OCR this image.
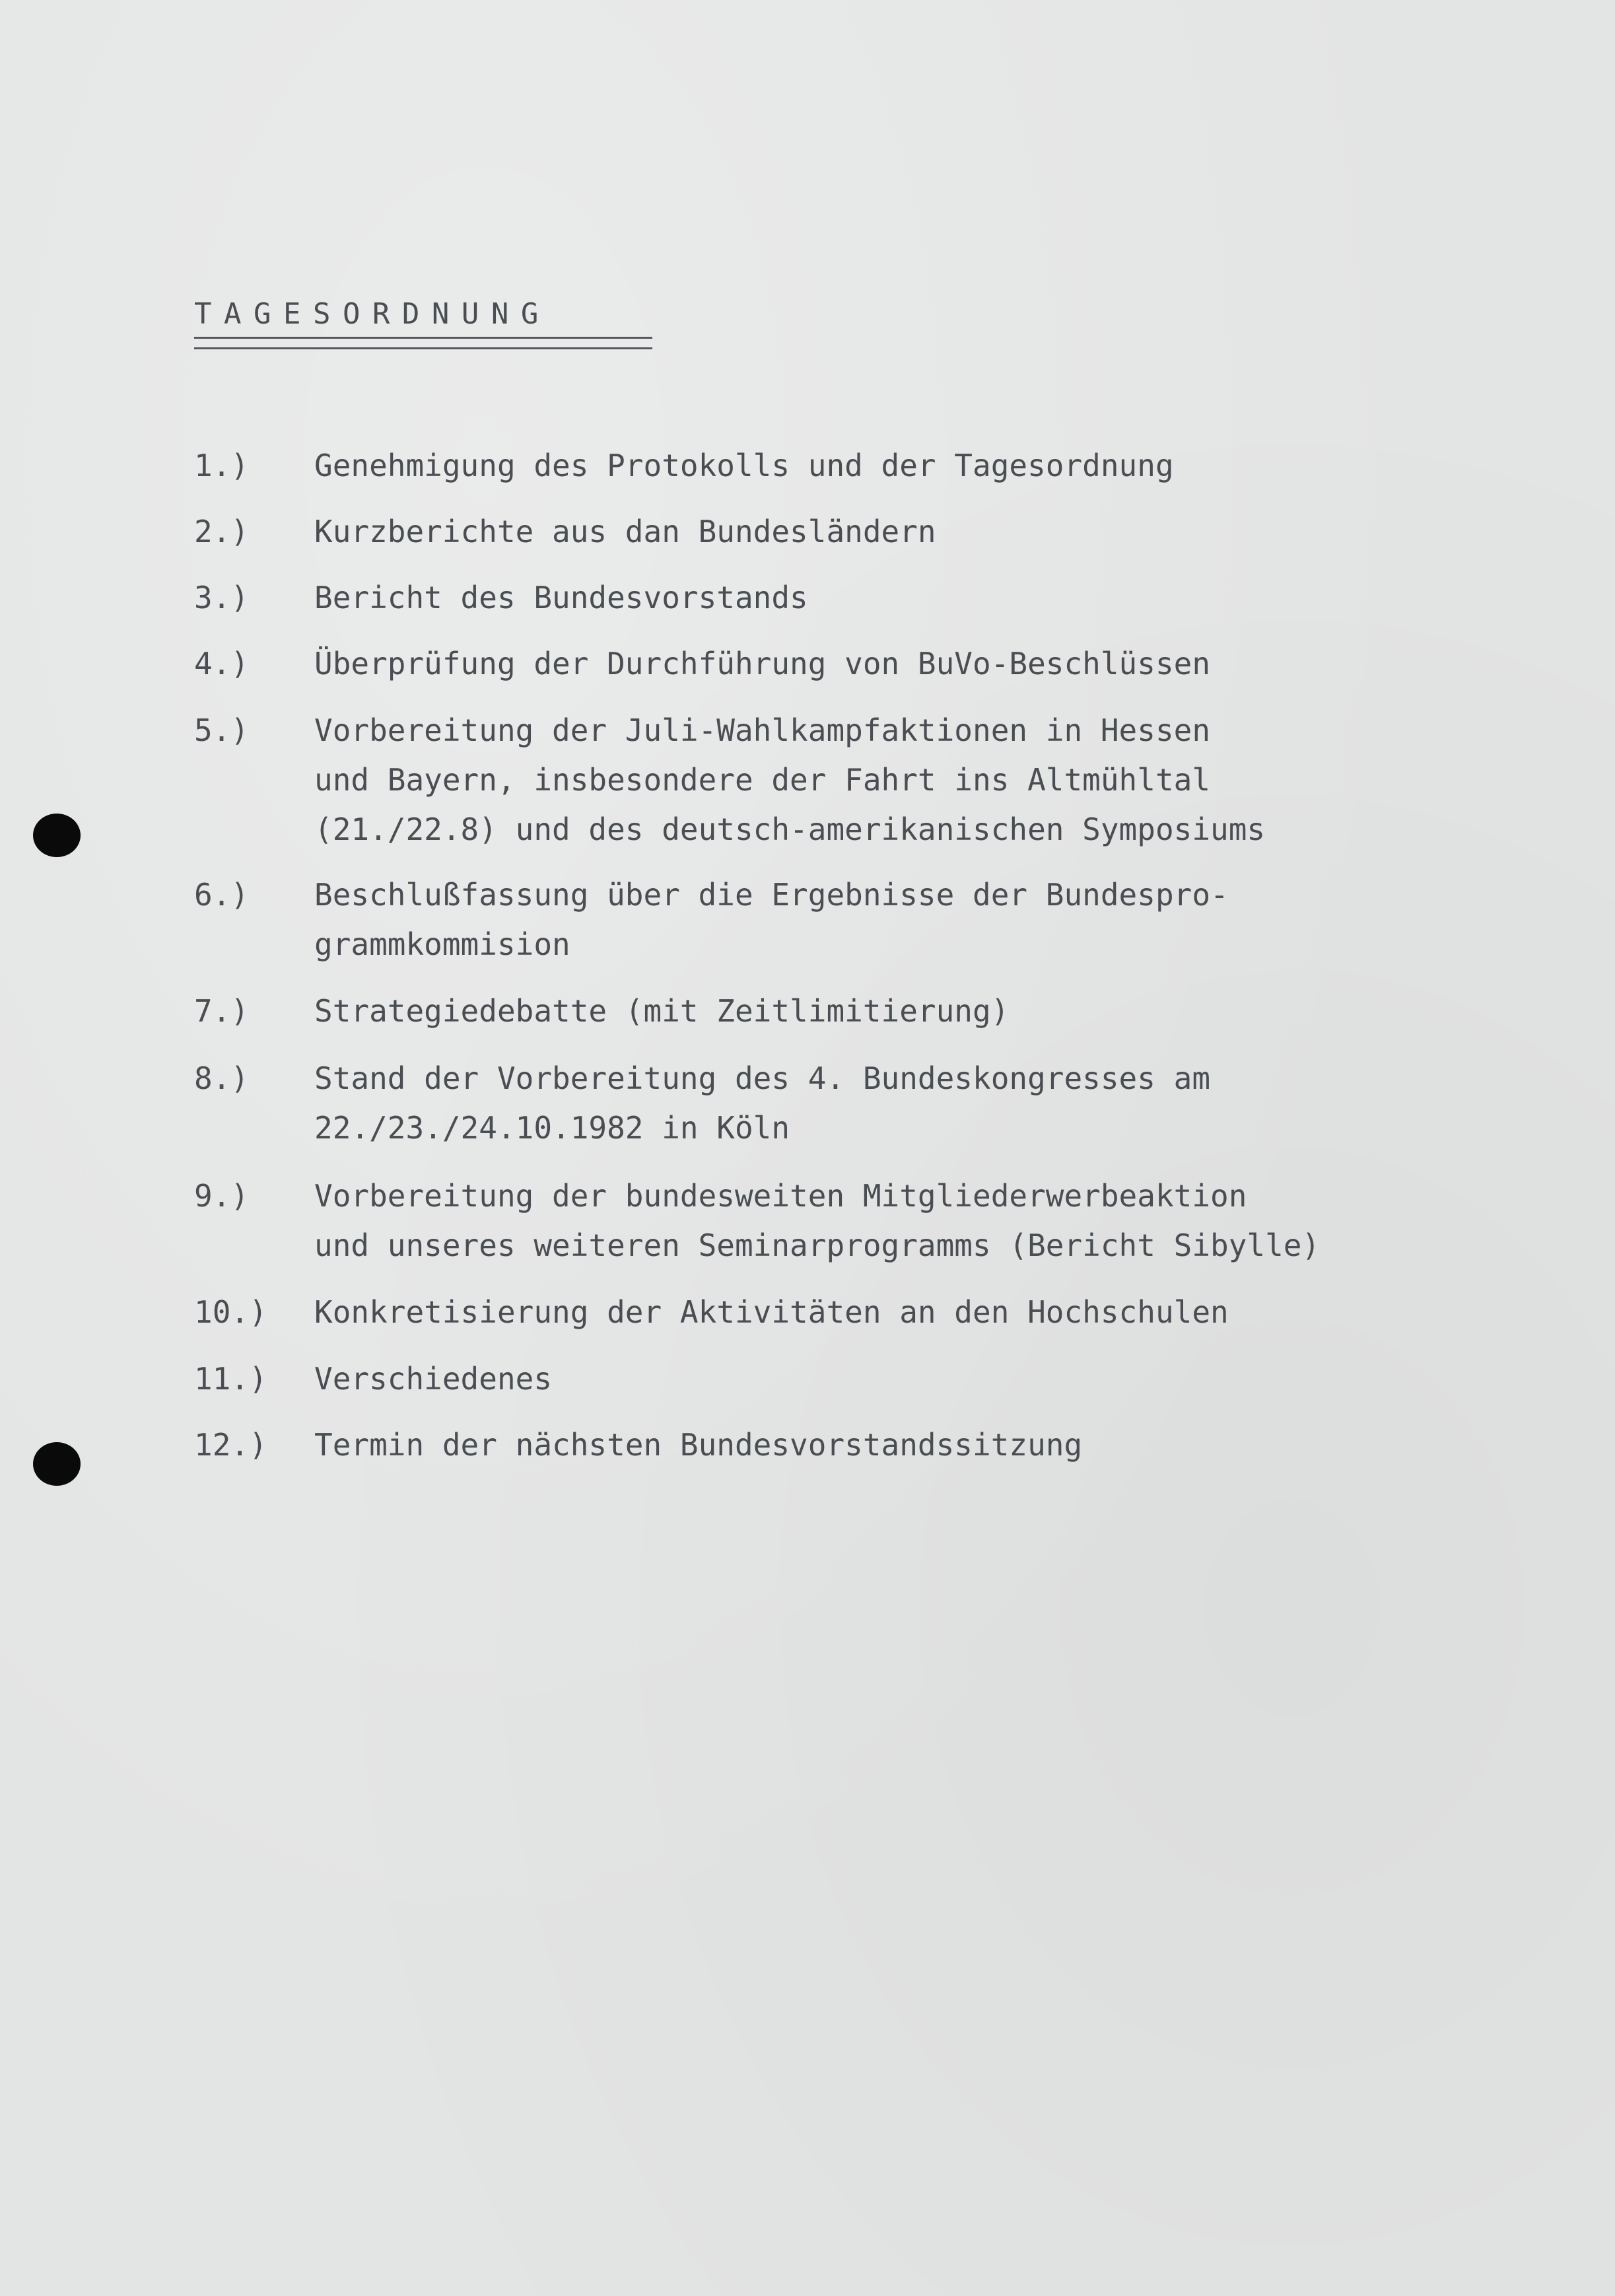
TAGESORDNUNG
1.) Genehmigung des Protokolls und der Tagesordnung
2.) Kurzberichte aus dan Bundesländern
3.) Bericht des Bundesvorstands
4.) Überprüfung der Durchführung von BuVo-Beschlüssen
5.) Vorbereitung der Juli-Wahlkampfaktionen in Hessen
und Bayern, insbesondere der Fahrt ins Altmühltal
(21./22.8) und des deutsch-amerikanischen Symposiums
6.) Beschlußfassung über die Ergebnisse der Bundespro-
grammkommision
7.) Strategiedebatte (mit Zeitlimitierung)
8.) Stand der Vorbereitung des 4. Bundeskongresses am
22./23./24.10.1982 in Köln
9.) Vorbereitung der bundesweiten Mitgliederwerbeaktion
und unseres weiteren Seminarprogramms (Bericht Sibylle)
10.) Konkretisierung der Aktivitäten an den Hochschulen
11.) Verschiedenes
12.) Termin der nächsten Bundesvorstandssitzung
